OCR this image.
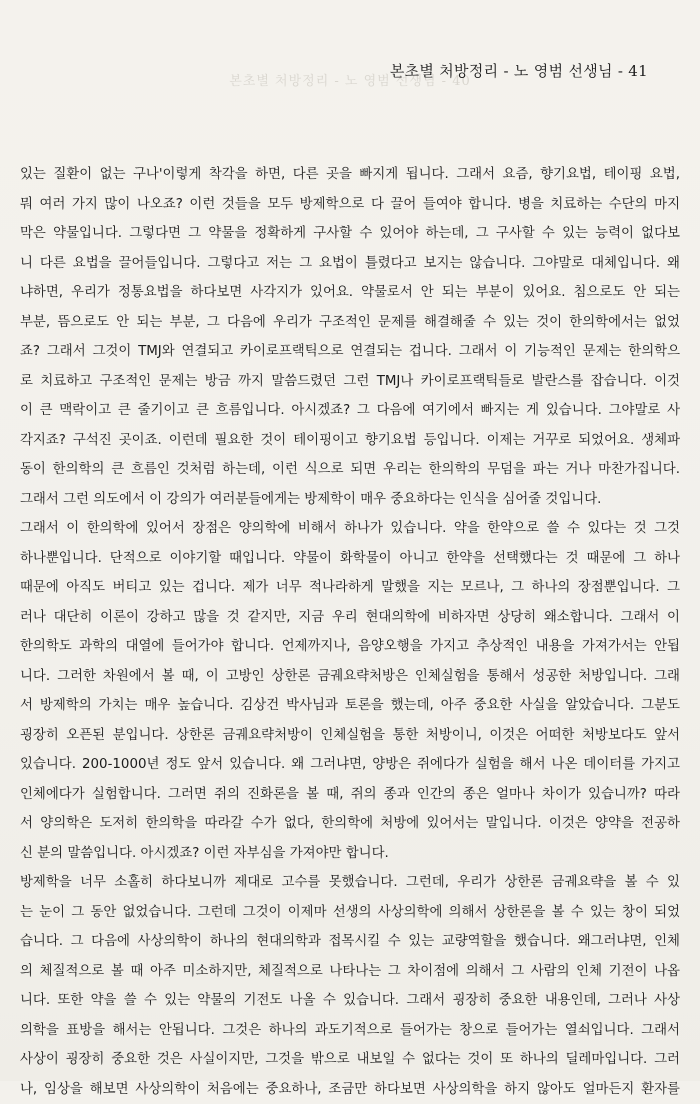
본초별 처방정리 - 노 영범 선생님 - 40
본초별 처방정리 - 노 영범 선생님 - 41
있는 질환이 없는 구나'이렇게 착각을 하면, 다른 곳을 빠지게 됩니다. 그래서 요즘, 향기요법, 테이핑 요법,
뭐 여러 가지 많이 나오죠? 이런 것들을 모두 방제학으로 다 끌어 들여야 합니다. 병을 치료하는 수단의 마지
막은 약물입니다. 그렇다면 그 약물을 정확하게 구사할 수 있어야 하는데, 그 구사할 수 있는 능력이 없다보
니 다른 요법을 끌어들입니다. 그렇다고 저는 그 요법이 틀렸다고 보지는 않습니다. 그야말로 대체입니다. 왜
냐하면, 우리가 정통요법을 하다보면 사각지가 있어요. 약물로서 안 되는 부분이 있어요. 침으로도 안 되는
부분, 뜸으로도 안 되는 부분, 그 다음에 우리가 구조적인 문제를 해결해줄 수 있는 것이 한의학에서는 없었
죠? 그래서 그것이 TMJ와 연결되고 카이로프랙틱으로 연결되는 겁니다. 그래서 이 기능적인 문제는 한의학으
로 치료하고 구조적인 문제는 방금 까지 말씀드렸던 그런 TMJ나 카이로프랙틱들로 발란스를 잡습니다. 이것
이 큰 맥락이고 큰 줄기이고 큰 흐름입니다. 아시겠죠? 그 다음에 여기에서 빠지는 게 있습니다. 그야말로 사
각지죠? 구석진 곳이죠. 이런데 필요한 것이 테이핑이고 향기요법 등입니다. 이제는 거꾸로 되었어요. 생체파
동이 한의학의 큰 흐름인 것처럼 하는데, 이런 식으로 되면 우리는 한의학의 무덤을 파는 거나 마찬가집니다.
그래서 그런 의도에서 이 강의가 여러분들에게는 방제학이 매우 중요하다는 인식을 심어줄 것입니다.
그래서 이 한의학에 있어서 장점은 양의학에 비해서 하나가 있습니다. 약을 한약으로 쓸 수 있다는 것 그것
하나뿐입니다. 단적으로 이야기할 때입니다. 약물이 화학물이 아니고 한약을 선택했다는 것 때문에 그 하나
때문에 아직도 버티고 있는 겁니다. 제가 너무 적나라하게 말했을 지는 모르나, 그 하나의 장점뿐입니다. 그
러나 대단히 이론이 강하고 많을 것 같지만, 지금 우리 현대의학에 비하자면 상당히 왜소합니다. 그래서 이
한의학도 과학의 대열에 들어가야 합니다. 언제까지나, 음양오행을 가지고 추상적인 내용을 가져가서는 안됩
니다. 그러한 차원에서 볼 때, 이 고방인 상한론 금궤요략처방은 인체실험을 통해서 성공한 처방입니다. 그래
서 방제학의 가치는 매우 높습니다. 김상건 박사님과 토론을 했는데, 아주 중요한 사실을 알았습니다. 그분도
굉장히 오픈된 분입니다. 상한론 금궤요략처방이 인체실험을 통한 처방이니, 이것은 어떠한 처방보다도 앞서
있습니다. 200-1000년 정도 앞서 있습니다. 왜 그러냐면, 양방은 쥐에다가 실험을 해서 나온 데이터를 가지고
인체에다가 실험합니다. 그러면 쥐의 진화론을 볼 때, 쥐의 종과 인간의 종은 얼마나 차이가 있습니까? 따라
서 양의학은 도저히 한의학을 따라갈 수가 없다, 한의학에 처방에 있어서는 말입니다. 이것은 양약을 전공하
신 분의 말씀입니다. 아시겠죠? 이런 자부심을 가져야만 합니다.
방제학을 너무 소홀히 하다보니까 제대로 고수를 못했습니다. 그런데, 우리가 상한론 금궤요략을 볼 수 있
는 눈이 그 동안 없었습니다. 그런데 그것이 이제마 선생의 사상의학에 의해서 상한론을 볼 수 있는 창이 되었
습니다. 그 다음에 사상의학이 하나의 현대의학과 접목시킬 수 있는 교량역할을 했습니다. 왜그러냐면, 인체
의 체질적으로 볼 때 아주 미소하지만, 체질적으로 나타나는 그 차이점에 의해서 그 사람의 인체 기전이 나옵
니다. 또한 약을 쓸 수 있는 약물의 기전도 나올 수 있습니다. 그래서 굉장히 중요한 내용인데, 그러나 사상
의학을 표방을 해서는 안됩니다. 그것은 하나의 과도기적으로 들어가는 창으로 들어가는 열쇠입니다. 그래서
사상이 굉장히 중요한 것은 사실이지만, 그것을 밖으로 내보일 수 없다는 것이 또 하나의 딜레마입니다. 그러
나, 임상을 해보면 사상의학이 처음에는 중요하나, 조금만 하다보면 사상의학을 하지 않아도 얼마든지 환자를
